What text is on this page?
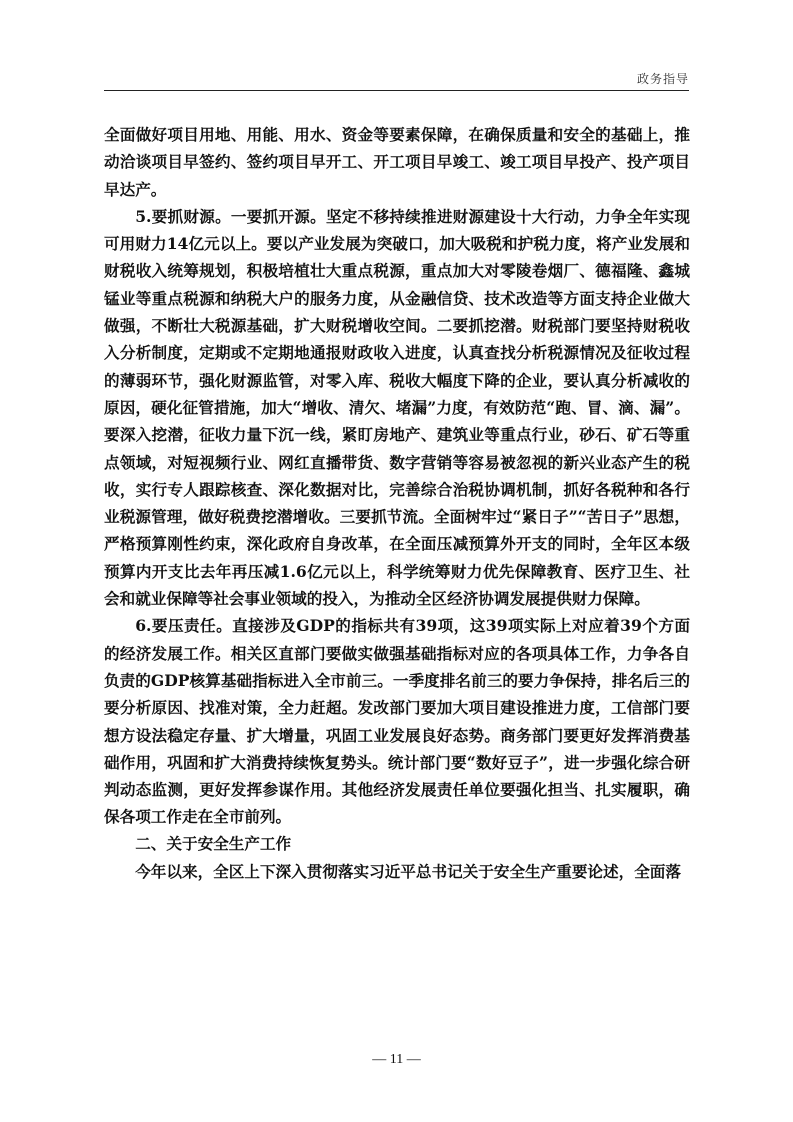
政务指导

全面做好项目用地、用能、用水、资金等要素保障，在确保质量和安全的基础上，推动洽谈项目早签约、签约项目早开工、开工项目早竣工、竣工项目早投产、投产项目早达产。

5.要抓财源。一要抓开源。坚定不移持续推进财源建设十大行动，力争全年实现可用财力14亿元以上。要以产业发展为突破口，加大吸税和护税力度，将产业发展和财税收入统筹规划，积极培植壮大重点税源，重点加大对零陵卷烟厂、德福隆、鑫城锰业等重点税源和纳税大户的服务力度，从金融信贷、技术改造等方面支持企业做大做强，不断壮大税源基础，扩大财税增收空间。二要抓挖潜。财税部门要坚持财税收入分析制度，定期或不定期地通报财政收入进度，认真查找分析税源情况及征收过程的薄弱环节，强化财源监管，对零入库、税收大幅度下降的企业，要认真分析减收的原因，硬化征管措施，加大“增收、清欠、堵漏”力度，有效防范“跑、冒、滴、漏”。要深入挖潜，征收力量下沉一线，紧盯房地产、建筑业等重点行业，砂石、矿石等重点领域，对短视频行业、网红直播带货、数字营销等容易被忽视的新兴业态产生的税收，实行专人跟踪核查、深化数据对比，完善综合治税协调机制，抓好各税种和各行业税源管理，做好税费挖潜增收。三要抓节流。全面树牢过“紧日子”“苦日子”思想，严格预算刚性约束，深化政府自身改革，在全面压减预算外开支的同时，全年区本级预算内开支比去年再压减1.6亿元以上，科学统筹财力优先保障教育、医疗卫生、社会和就业保障等社会事业领域的投入，为推动全区经济协调发展提供财力保障。

6.要压责任。直接涉及GDP的指标共有39项，这39项实际上对应着39个方面的经济发展工作。相关区直部门要做实做强基础指标对应的各项具体工作，力争各自负责的GDP核算基础指标进入全市前三。一季度排名前三的要力争保持，排名后三的要分析原因、找准对策，全力赶超。发改部门要加大项目建设推进力度，工信部门要想方设法稳定存量、扩大增量，巩固工业发展良好态势。商务部门要更好发挥消费基础作用，巩固和扩大消费持续恢复势头。统计部门要“数好豆子”，进一步强化综合研判动态监测，更好发挥参谋作用。其他经济发展责任单位要强化担当、扎实履职，确保各项工作走在全市前列。

二、关于安全生产工作

今年以来，全区上下深入贯彻落实习近平总书记关于安全生产重要论述，全面落

— 11 —
